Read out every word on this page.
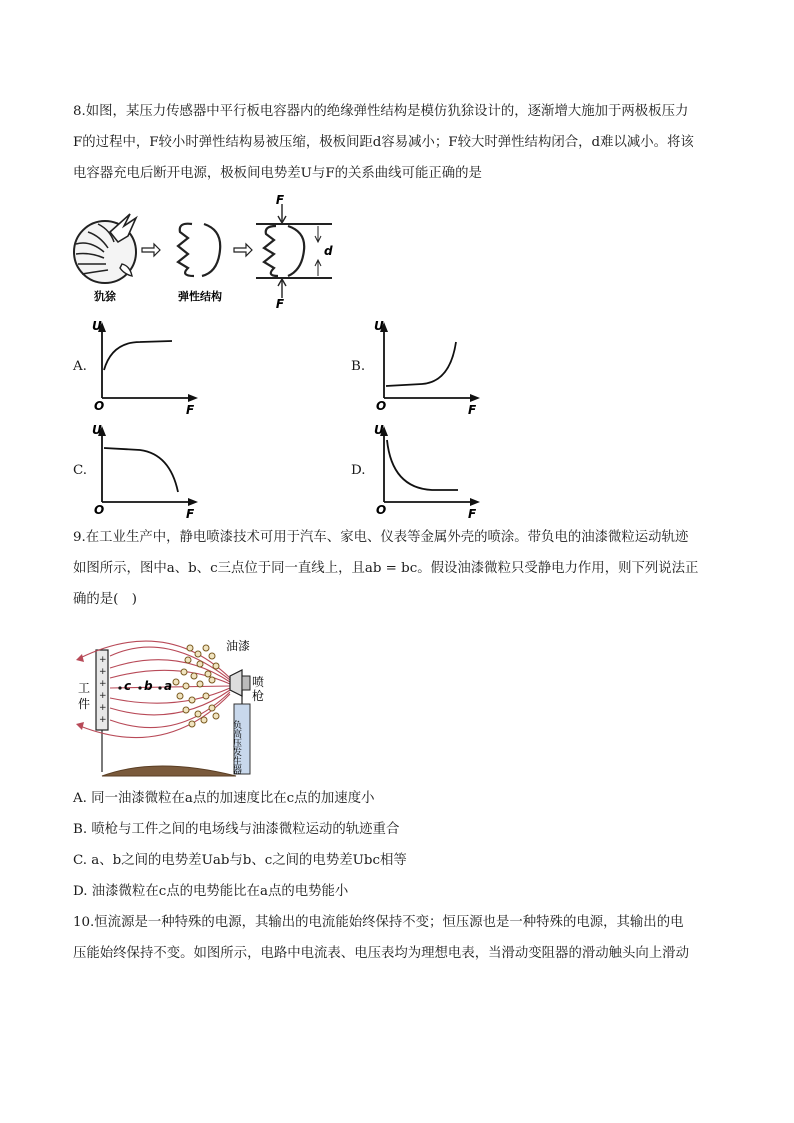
8.如图，某压力传感器中平行板电容器内的绝缘弹性结构是模仿犰狳设计的，逐渐增大施加于两极板压力
F的过程中，F较小时弹性结构易被压缩，极板间距d容易减小；F较大时弹性结构闭合，d难以减小。将该
电容器充电后断开电源，极板间电势差U与F的关系曲线可能正确的是
F
F
d
犰狳	弹性结构
A.
U
F
O
B.
U
F
O
C.
U
F
O
D.
U
F
O
9.在工业生产中，静电喷漆技术可用于汽车、家电、仪表等金属外壳的喷涂。带负电的油漆微粒运动轨迹
如图所示，图中a、b、c三点位于同一直线上，且ab = bc。假设油漆微粒只受静电力作用，则下列说法正
确的是(　)
油漆
喷
枪
工
件
负高压发生器
+
+
+
+
+
+
c b a
A. 同一油漆微粒在a点的加速度比在c点的加速度小
B. 喷枪与工件之间的电场线与油漆微粒运动的轨迹重合
C. a、b之间的电势差Uab与b、c之间的电势差Ubc相等
D. 油漆微粒在c点的电势能比在a点的电势能小
10.恒流源是一种特殊的电源，其输出的电流能始终保持不变；恒压源也是一种特殊的电源，其输出的电
压能始终保持不变。如图所示，电路中电流表、电压表均为理想电表，当滑动变阻器的滑动触头向上滑动
